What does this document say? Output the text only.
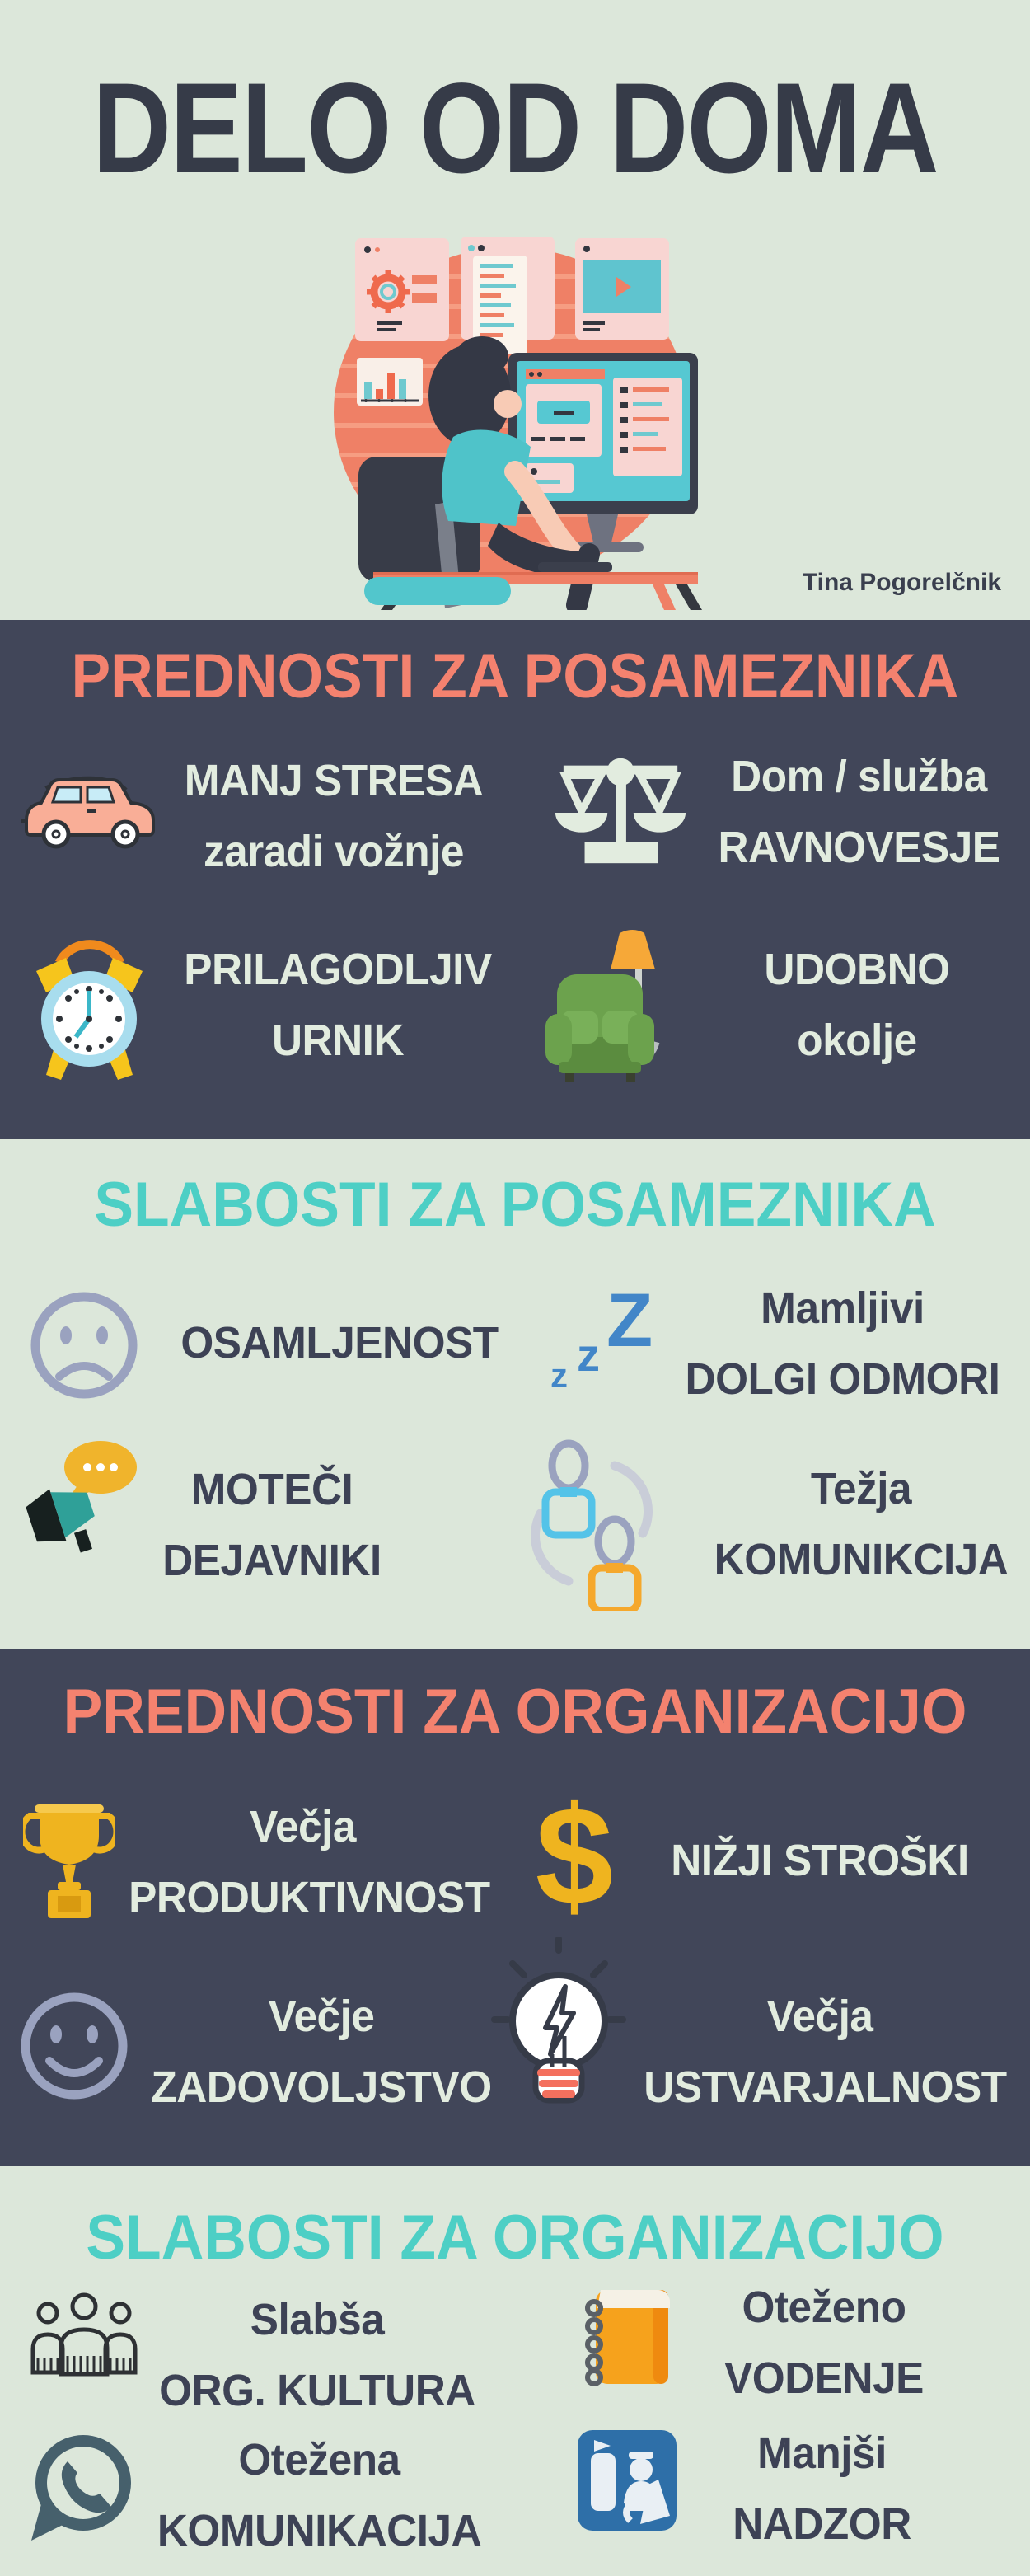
DELO OD DOMA
Tina Pogorelčnik
PREDNOSTI ZA POSAMEZNIKA
MANJ STRESA
zaradi vožnje
Dom / služba
RAVNOVESJE
PRILAGODLJIV
URNIK
UDOBNO
okolje
SLABOSTI ZA POSAMEZNIKA
OSAMLJENOST
z z Z	Mamljivi
DOLGI ODMORI
MOTEČI
DEJAVNIKI
Težja
KOMUNIKCIJA
PREDNOSTI ZA ORGANIZACIJO
Večja
PRODUKTIVNOST $ NIŽJI STROŠKI
Večje
ZADOVOLJSTVO
Večja
USTVARJALNOST
SLABOSTI ZA ORGANIZACIJO
Slabša
ORG. KULTURA
Oteženo
VODENJE
Otežena
KOMUNIKACIJA
Manjši
NADZOR
